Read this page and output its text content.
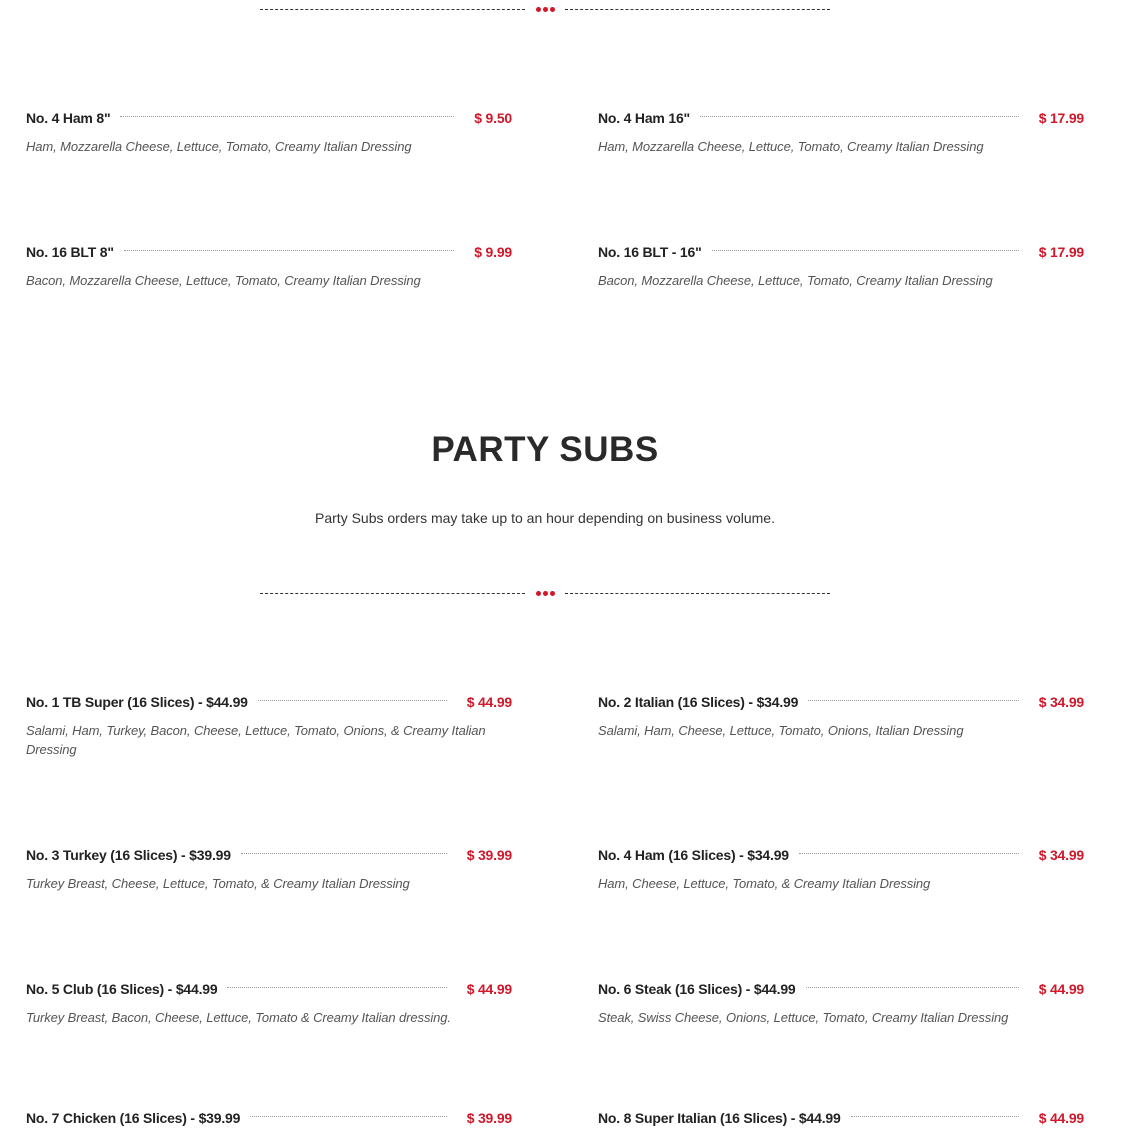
No. 4 Ham 8"	$ 9.50
Ham, Mozzarella Cheese, Lettuce, Tomato, Creamy Italian Dressing
No. 4 Ham 16"	$ 17.99
Ham, Mozzarella Cheese, Lettuce, Tomato, Creamy Italian Dressing
No. 16 BLT 8"	$ 9.99
Bacon, Mozzarella Cheese, Lettuce, Tomato, Creamy Italian Dressing
No. 16 BLT - 16"	$ 17.99
Bacon, Mozzarella Cheese, Lettuce, Tomato, Creamy Italian Dressing
PARTY SUBS

Party Subs orders may take up to an hour depending on business volume.

No. 1 TB Super (16 Slices) - $44.99	$ 44.99
Salami, Ham, Turkey, Bacon, Cheese, Lettuce, Tomato, Onions, & Creamy Italian Dressing
No. 2 Italian (16 Slices) - $34.99	$ 34.99
Salami, Ham, Cheese, Lettuce, Tomato, Onions, Italian Dressing
No. 3 Turkey (16 Slices) - $39.99	$ 39.99
Turkey Breast, Cheese, Lettuce, Tomato, & Creamy Italian Dressing
No. 4 Ham (16 Slices) - $34.99	$ 34.99
Ham, Cheese, Lettuce, Tomato, & Creamy Italian Dressing
No. 5 Club (16 Slices) - $44.99	$ 44.99
Turkey Breast, Bacon, Cheese, Lettuce, Tomato & Creamy Italian dressing.
No. 6 Steak (16 Slices) - $44.99	$ 44.99
Steak, Swiss Cheese, Onions, Lettuce, Tomato, Creamy Italian Dressing
No. 7 Chicken (16 Slices) - $39.99	$ 39.99	No. 8 Super Italian (16 Slices) - $44.99	$ 44.99
